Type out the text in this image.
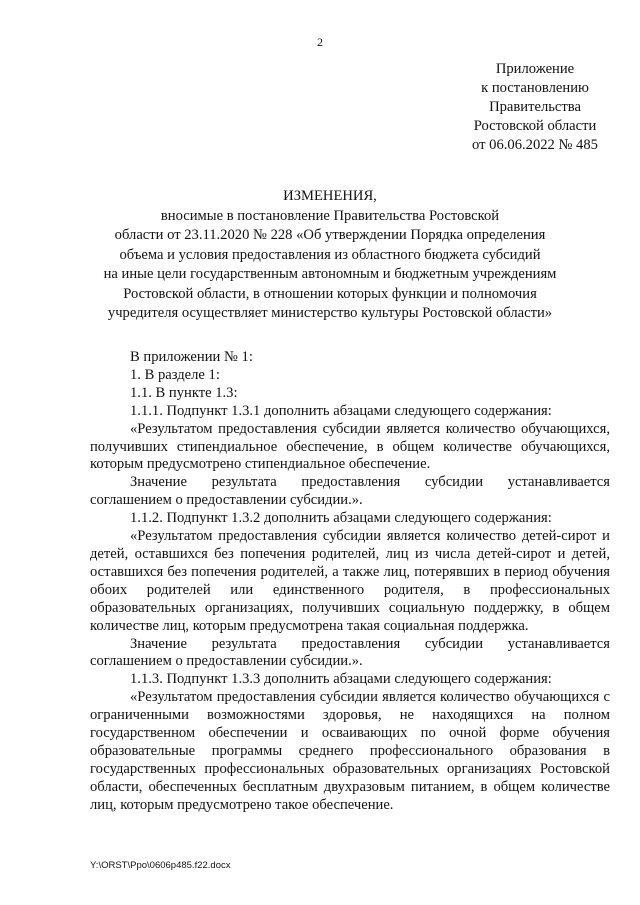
2
Приложение
к постановлению
Правительства
Ростовской области
от 06.06.2022 № 485
ИЗМЕНЕНИЯ,
вносимые в постановление Правительства Ростовской
области от 23.11.2020 № 228 «Об утверждении Порядка определения
объема и условия предоставления из областного бюджета субсидий
на иные цели государственным автономным и бюджетным учреждениям
Ростовской области, в отношении которых функции и полномочия
учредителя осуществляет министерство культуры Ростовской области»

В приложении № 1:

1. В разделе 1:

1.1. В пункте 1.3:

1.1.1. Подпункт 1.3.1 дополнить абзацами следующего содержания:

«Результатом предоставления субсидии является количество обучающихся, получивших стипендиальное обеспечение, в общем количестве обучающихся, которым предусмотрено стипендиальное обеспечение.

Значение результата предоставления субсидии устанавливается соглашением о предоставлении субсидии.».

1.1.2. Подпункт 1.3.2 дополнить абзацами следующего содержания:

«Результатом предоставления субсидии является количество детей-сирот и детей, оставшихся без попечения родителей, лиц из числа детей-сирот и детей, оставшихся без попечения родителей, а также лиц, потерявших в период обучения обоих родителей или единственного родителя, в профессиональных образовательных организациях, получивших социальную поддержку, в общем количестве лиц, которым предусмотрена такая социальная поддержка.

Значение результата предоставления субсидии устанавливается соглашением о предоставлении субсидии.».

1.1.3. Подпункт 1.3.3 дополнить абзацами следующего содержания:

«Результатом предоставления субсидии является количество обучающихся с ограниченными возможностями здоровья, не находящихся на полном государственном обеспечении и осваивающих по очной форме обучения образовательные программы среднего профессионального образования в государственных профессиональных образовательных организациях Ростовской области, обеспеченных бесплатным двухразовым питанием, в общем количестве лиц, которым предусмотрено такое обеспечение.

Y:\ORST\Ppo\0606p485.f22.docx
